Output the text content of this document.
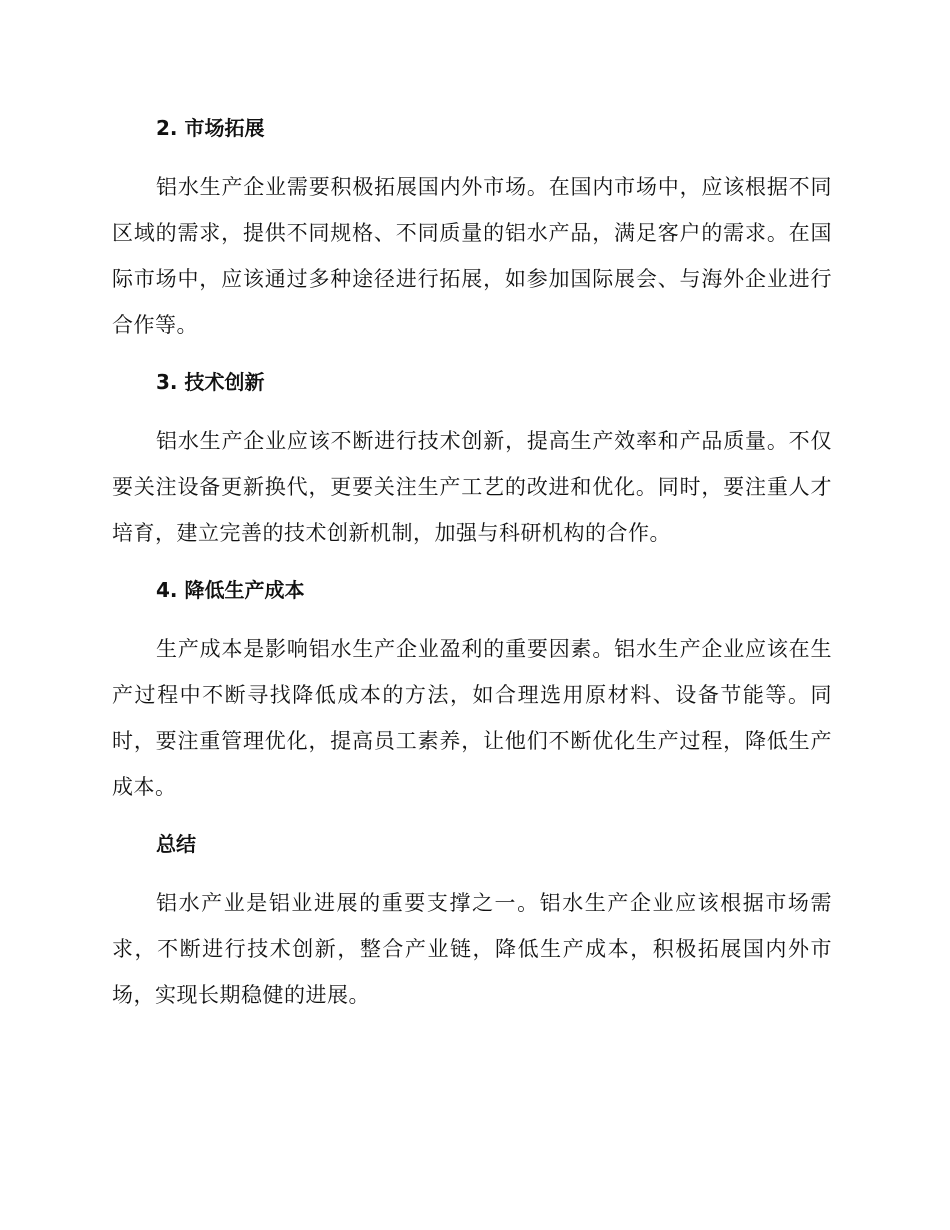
2. 市场拓展

铝水生产企业需要积极拓展国内外市场。在国内市场中，应该根据不同区域的需求，提供不同规格、不同质量的铝水产品，满足客户的需求。在国际市场中，应该通过多种途径进行拓展，如参加国际展会、与海外企业进行合作等。

3. 技术创新

铝水生产企业应该不断进行技术创新，提高生产效率和产品质量。不仅要关注设备更新换代，更要关注生产工艺的改进和优化。同时，要注重人才培育，建立完善的技术创新机制，加强与科研机构的合作。

4. 降低生产成本

生产成本是影响铝水生产企业盈利的重要因素。铝水生产企业应该在生产过程中不断寻找降低成本的方法，如合理选用原材料、设备节能等。同时，要注重管理优化，提高员工素养，让他们不断优化生产过程，降低生产成本。

总结

铝水产业是铝业进展的重要支撑之一。铝水生产企业应该根据市场需求，不断进行技术创新，整合产业链，降低生产成本，积极拓展国内外市场，实现长期稳健的进展。
